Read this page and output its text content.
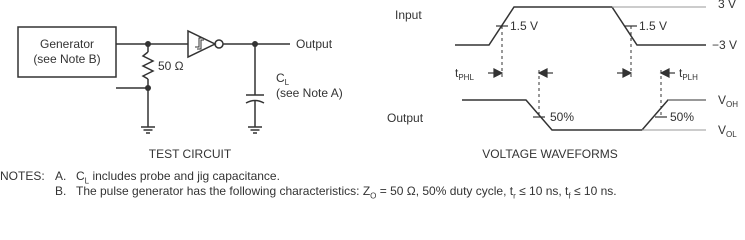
Generator
(see Note B)	50 Ω
Output
$C_L$
(see Note A)
TEST CIRCUIT
Input
Output
3 V
−3 V
1.5 V	1.5 V
$t_{PHL}$	$t_{PLH}$
50%	50%
$V_{OH}$
$V_{OL}$
VOLTAGE WAVEFORMS
NOTES: A. $C_L$ includes probe and jig capacitance.
B. The pulse generator has the following characteristics: $Z_O = 50$ Ω, 50% duty cycle, $t_r \le 10$ ns, $t_f \le 10$ ns.
